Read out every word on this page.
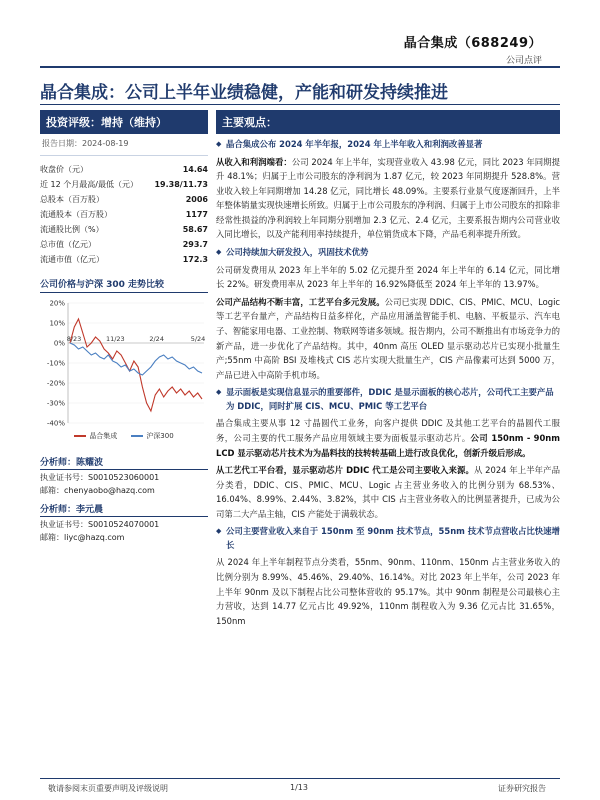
晶合集成（688249）
公司点评
晶合集成：公司上半年业绩稳健，产能和研发持续推进
投资评级：增持（维持）
报告日期：2024-08-19
收盘价（元）	14.64
近 12 个月最高/最低（元） 19.38/11.73
总股本（百万股）	2006
流通股本（百万股）	1177
流通股比例（%）	58.67
总市值（亿元）	293.7
流通市值（亿元）	172.3
公司价格与沪深 300 走势比较
20%
10%
0%
-10%
-20%
-30%
-40%
8/23	11/23	2/24	5/24
晶合集成	沪深300
分析师：陈耀波
执业证书号：S0010523060001
邮箱：chenyaobo@hazq.com
分析师：李元晨
执业证书号：S0010524070001
邮箱：liyc@hazq.com
主要观点：
◆ 晶合集成公布 2024 年半年报，2024 年上半年收入和利润改善显著
从收入和利润端看：公司 2024 年上半年，实现营业收入 43.98 亿元，同比 2023 年同期提升 48.1%；归属于上市公司股东的净利润为 1.87 亿元，较 2023 年同期提升 528.8%。营业收入较上年同期增加 14.28 亿元，同比增长 48.09%。主要系行业景气度逐渐回升，上半年整体销量实现快速增长所致。归属于上市公司股东的净利润、归属于上市公司股东的扣除非经常性损益的净利润较上年同期分别增加 2.3 亿元、2.4 亿元，主要系报告期内公司营业收入同比增长，以及产能利用率持续提升，单位销货成本下降，产品毛利率提升所致。
◆ 公司持续加大研发投入，巩固技术优势
公司研发费用从 2023 年上半年的 5.02 亿元提升至 2024 年上半年的 6.14 亿元，同比增长 22%。研发费用率从 2023 年上半年的 16.92%降低至 2024 年上半年的 13.97%。
公司产品结构不断丰富，工艺平台多元发展。公司已实现 DDIC、CIS、PMIC、MCU、Logic 等工艺平台量产，产品结构日益多样化，产品应用涵盖智能手机、电脑、平板显示、汽车电子、智能家用电器、工业控制、物联网等诸多领域。报告期内，公司不断推出有市场竞争力的新产品，进一步优化了产品结构。其中，40nm 高压 OLED 显示驱动芯片已实现小批量生产;55nm 中高阶 BSI 及堆栈式 CIS 芯片实现大批量生产，CIS 产品像素可达到 5000 万，产品已进入中高阶手机市场。
◆ 显示面板是实现信息显示的重要部件，DDIC 是显示面板的核心芯片，公司代工主要产品为 DDIC，同时扩展 CIS、MCU、PMIC 等工艺平台
晶合集成主要从事 12 寸晶圆代工业务，向客户提供 DDIC 及其他工艺平台的晶圆代工服务，公司主要的代工服务产品应用领域主要为面板显示驱动芯片。公司 150nm - 90nm LCD 显示驱动芯片技术为为晶料技的技转转基础上进行改良优化，创新升级后形成。
从工艺代工平台看，显示驱动芯片 DDIC 代工是公司主要收入来源。从 2024 年上半年产品分类看，DDIC、CIS、PMIC、MCU、Logic 占主营业务收入的比例分别为 68.53%、16.04%、8.99%、2.44%、3.82%，其中 CIS 占主营业务收入的比例显著提升，已成为公司第二大产品主轴，CIS 产能处于满载状态。
◆ 公司主要营业收入来自于 150nm 至 90nm 技术节点，55nm 技术节点营收占比快速增长
从 2024 年上半年制程节点分类看，55nm、90nm、110nm、150nm 占主营业务收入的比例分别为 8.99%、45.46%、29.40%、16.14%。对比 2023 年上半年，公司 2023 年上半年 90nm 及以下制程占比公司整体营收的 95.17%。其中 90nm 制程是公司最核心主力营收，达到 14.77 亿元占比 49.92%，110nm 制程收入为 9.36 亿元占比 31.65%，150nm
敬请参阅末页重要声明及评级说明	1/13	证券研究报告
